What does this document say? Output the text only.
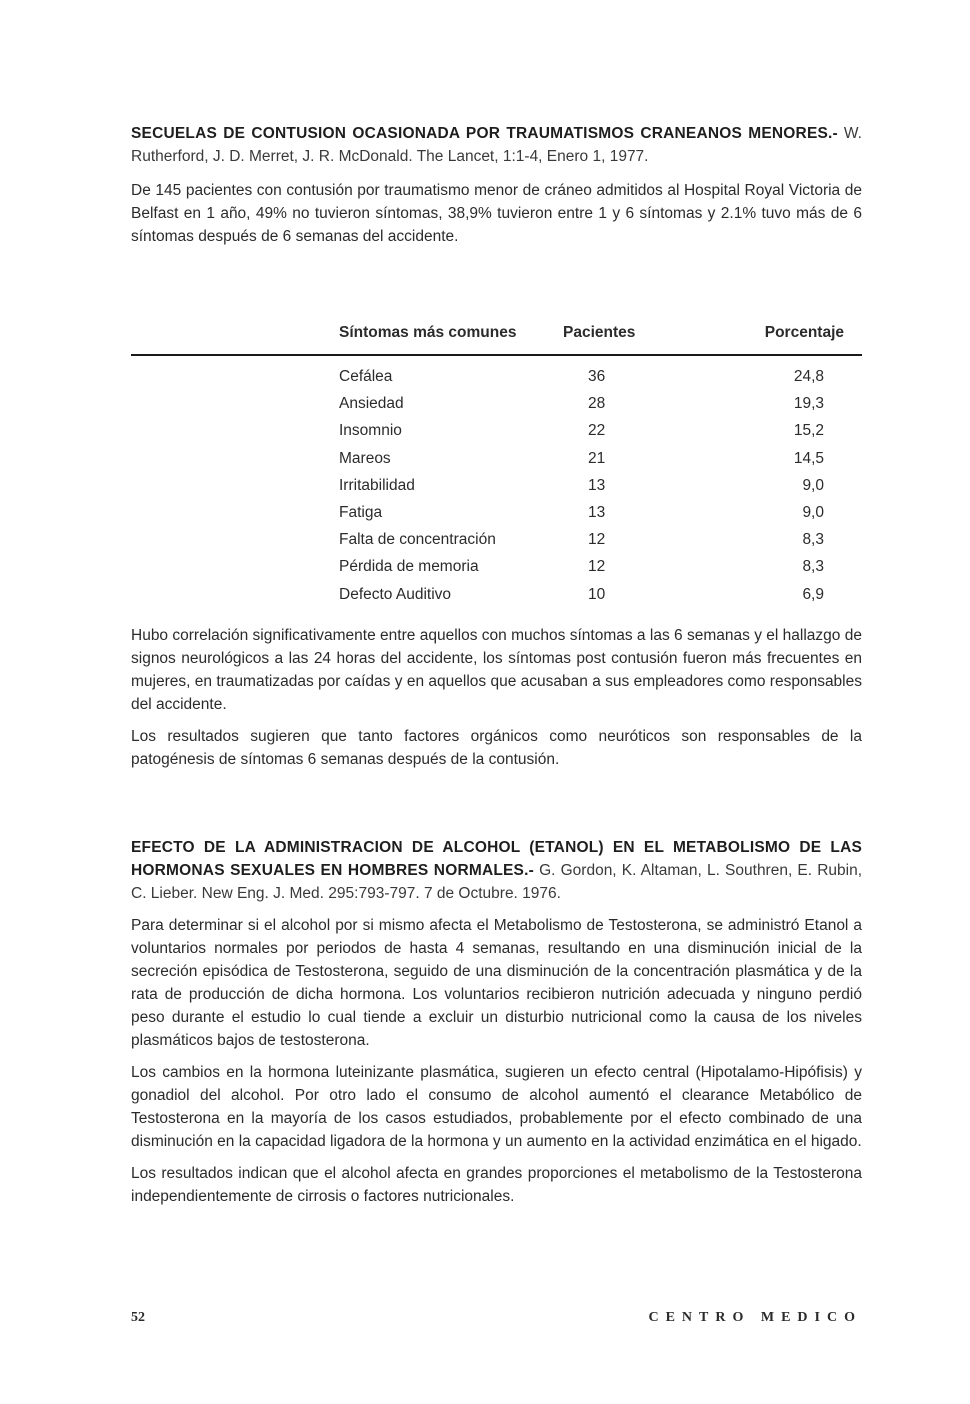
SECUELAS DE CONTUSION OCASIONADA POR TRAUMATISMOS CRANEANOS MENORES.- W. Rutherford, J. D. Merret, J. R. McDonald. The Lancet, 1:1-4, Enero 1, 1977.

De 145 pacientes con contusión por traumatismo menor de cráneo admitidos al Hospital Royal Victoria de Belfast en 1 año, 49% no tuvieron síntomas, 38,9% tuvieron entre 1 y 6 síntomas y 2.1% tuvo más de 6 síntomas después de 6 semanas del accidente.

Síntomas más comunes	Pacientes	Porcentaje
Cefálea	36	24,8
Ansiedad	28	19,3
Insomnio	22	15,2
Mareos	21	14,5
Irritabilidad	13	9,0
Fatiga	13	9,0
Falta de concentración	12	8,3
Pérdida de memoria	12	8,3
Defecto Auditivo	10	6,9

Hubo correlación significativamente entre aquellos con muchos síntomas a las 6 semanas y el hallazgo de signos neurológicos a las 24 horas del accidente, los síntomas post contusión fueron más frecuentes en mujeres, en traumatizadas por caídas y en aquellos que acusaban a sus empleadores como responsables del accidente.

Los resultados sugieren que tanto factores orgánicos como neuróticos son responsables de la patogénesis de síntomas 6 semanas después de la contusión.

EFECTO DE LA ADMINISTRACION DE ALCOHOL (ETANOL) EN EL METABOLISMO DE LAS HORMONAS SEXUALES EN HOMBRES NORMALES.- G. Gordon, K. Altaman, L. Southren, E. Rubin, C. Lieber. New Eng. J. Med. 295:793-797. 7 de Octubre. 1976.

Para determinar si el alcohol por si mismo afecta el Metabolismo de Testosterona, se administró Etanol a voluntarios normales por periodos de hasta 4 semanas, resultando en una disminución inicial de la secreción episódica de Testosterona, seguido de una disminución de la concentración plasmática y de la rata de producción de dicha hormona. Los voluntarios recibieron nutrición adecuada y ninguno perdió peso durante el estudio lo cual tiende a excluir un disturbio nutricional como la causa de los niveles plasmáticos bajos de testosterona.

Los cambios en la hormona luteinizante plasmática, sugieren un efecto central (Hipotalamo-Hipófisis) y gonadiol del alcohol. Por otro lado el consumo de alcohol aumentó el clearance Metabólico de Testosterona en la mayoría de los casos estudiados, probablemente por el efecto combinado de una disminución en la capacidad ligadora de la hormona y un aumento en la actividad enzimática en el higado.

Los resultados indican que el alcohol afecta en grandes proporciones el metabolismo de la Testosterona independientemente de cirrosis o factores nutricionales.

52	CENTRO MEDICO
